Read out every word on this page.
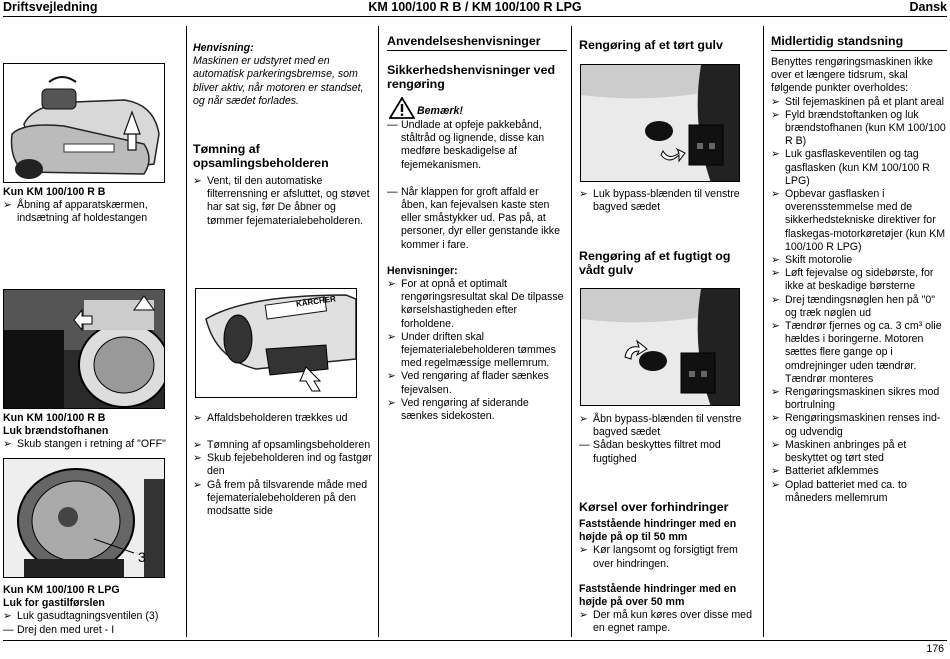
Driftsvejledning	KM 100/100 R B / KM 100/100 R LPG	Dansk
Kun KM 100/100 R B
➢ Åbning af apparatskærmen, indsætning af holdestangen
Kun KM 100/100 R B
Luk brændstofhanen
➢ Skub stangen i retning af "OFF"
3
Kun KM 100/100 R LPG
Luk for gastilførslen
➢ Luk gasudtagningsventilen (3)
— Drej den med uret - I
Henvisning:
Maskinen er udstyret med en automatisk parkeringsbremse, som bliver aktiv, når motoren er standset, og når sædet forlades.
Tømning af opsamlingsbeholderen
➢ Vent, til den automatiske filterrensning er afsluttet, og støvet har sat sig, før De åbner og tømmer fejematerialebeholderen.
KÄRCHER
➢ Affaldsbeholderen trækkes ud
➢ Tømning af opsamlingsbeholderen
➢ Skub fejebeholderen ind og fastgør den
➢ Gå frem på tilsvarende måde med fejematerialebeholderen på den modsatte side
Anvendelseshenvisninger
Sikkerhedshenvisninger ved rengøring
Bemærk!
— Undlade at opfeje pakkebånd, ståltråd og lignende, disse kan medføre beskadigelse af fejemekanismen.
— Når klappen for groft affald er åben, kan fejevalsen kaste sten eller småstykker ud. Pas på, at personer, dyr eller genstande ikke kommer i fare.
Henvisninger:
➢ For at opnå et optimalt rengøringsresultat skal De tilpasse kørselshastigheden efter forholdene.
➢ Under driften skal fejematerialebeholderen tømmes med regelmæssige mellemrum.
➢ Ved rengøring af flader sænkes fejevalsen.
➢ Ved rengøring af siderande sænkes sidekosten.
Rengøring af et tørt gulv
➢ Luk bypass-blænden til venstre bagved sædet
Rengøring af et fugtigt og vådt gulv
➢ Åbn bypass-blænden til venstre bagved sædet
— Sådan beskyttes filtret mod fugtighed
Kørsel over forhindringer
Faststående hindringer med en højde på op til 50 mm
➢ Kør langsomt og forsigtigt frem over hindringen.
Faststående hindringer med en højde på over 50 mm
➢ Der må kun køres over disse med en egnet rampe.
Midlertidig standsning
Benyttes rengøringsmaskinen ikke over et længere tidsrum, skal følgende punkter overholdes:
➢ Stil fejemaskinen på et plant areal
➢ Fyld brændstoftanken og luk brændstofhanen (kun KM 100/100 R B)
➢ Luk gasflaskeventilen og tag gasflasken (kun KM 100/100 R LPG)
➢ Opbevar gasflasken i overensstemmelse med de sikkerhedstekniske direktiver for flaskegas-motorkøretøjer (kun KM 100/100 R LPG)
➢ Skift motorolie
➢ Løft fejevalse og sidebørste, for ikke at beskadige børsterne
➢ Drej tændingsnøglen hen på "0" og træk nøglen ud
➢ Tændrør fjernes og ca. 3 cm³ olie hældes i boringerne. Motoren sættes flere gange op i omdrejninger uden tændrør. Tændrør monteres
➢ Rengøringsmaskinen sikres mod bortrulning
➢ Rengøringsmaskinen renses ind- og udvendig
➢ Maskinen anbringes på et beskyttet og tørt sted
➢ Batteriet afklemmes
➢ Oplad batteriet med ca. to måneders mellemrum
176
